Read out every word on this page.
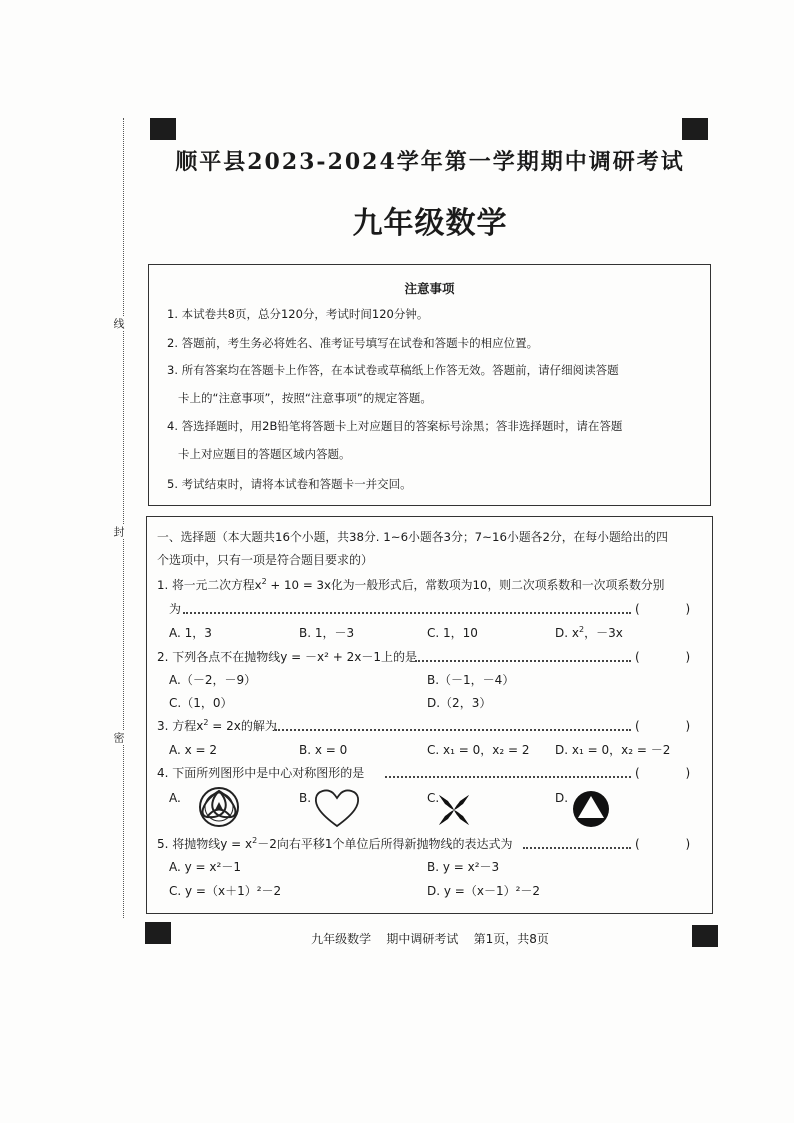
线
封
密
顺平县2023-2024学年第一学期期中调研考试
九年级数学
注意事项
1. 本试卷共8页，总分120分，考试时间120分钟。
2. 答题前，考生务必将姓名、准考证号填写在试卷和答题卡的相应位置。
3. 所有答案均在答题卡上作答，在本试卷或草稿纸上作答无效。答题前，请仔细阅读答题
卡上的“注意事项”，按照“注意事项”的规定答题。
4. 答选择题时，用2B铅笔将答题卡上对应题目的答案标号涂黑；答非选择题时，请在答题
卡上对应题目的答题区域内答题。
5. 考试结束时，请将本试卷和答题卡一并交回。
一、选择题（本大题共16个小题，共38分. 1~6小题各3分；7~16小题各2分，在每小题给出的四
个选项中，只有一项是符合题目要求的）
1. 将一元二次方程$x^2 + 10 = 3x$化为一般形式后，常数项为10，则二次项系数和一次项系数分别
为	(            )
A. 1，3	B. 1，－3	C. 1，10	D. $x^2$，－3x
2. 下列各点不在抛物线y = －x² + 2x－1上的是	(            )
A.（－2，－9）	B.（－1，－4）
C.（1，0）	D.（2，3）
3. 方程$x^2 = 2x$的解为	(            )
A. x = 2	B. x = 0	C. x₁ = 0，x₂ = 2 D. x₁ = 0，x₂ = －2
4. 下面所列图形中是中心对称图形的是	(            )
A.	B.	C.	D.
5. 将抛物线$y = x^2-2$向右平移1个单位后所得新抛物线的表达式为	(            )
A. y = x²－1	B. y = x²－3
C. y =（x＋1）²－2	D. y =（x－1）²－2
九年级数学    期中调研考试    第1页，共8页
